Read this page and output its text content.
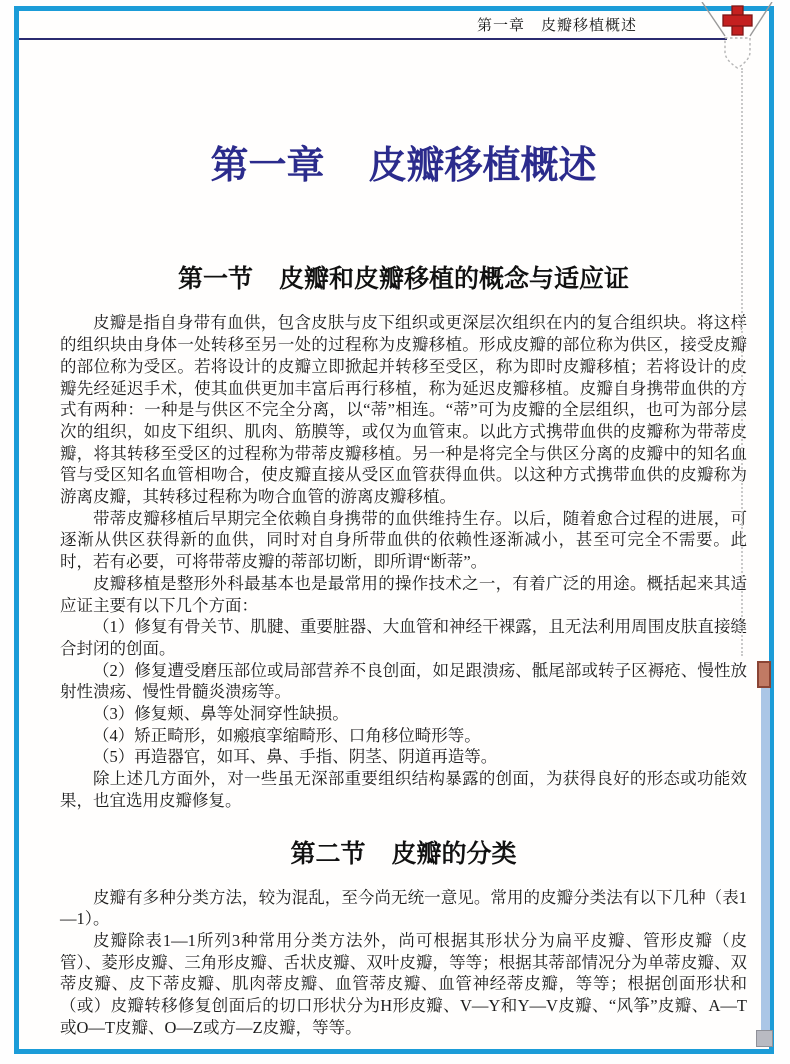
第一章　皮瓣移植概述
第一章 皮瓣移植概述
第一节 皮瓣和皮瓣移植的概念与适应证

皮瓣是指自身带有血供，包含皮肤与皮下组织或更深层次组织在内的复合组织块。将这样的组织块由身体一处转移至另一处的过程称为皮瓣移植。形成皮瓣的部位称为供区，接受皮瓣的部位称为受区。若将设计的皮瓣立即掀起并转移至受区，称为即时皮瓣移植；若将设计的皮瓣先经延迟手术，使其血供更加丰富后再行移植，称为延迟皮瓣移植。皮瓣自身携带血供的方式有两种：一种是与供区不完全分离，以“蒂”相连。“蒂”可为皮瓣的全层组织，也可为部分层次的组织，如皮下组织、肌肉、筋膜等，或仅为血管束。以此方式携带血供的皮瓣称为带蒂皮瓣，将其转移至受区的过程称为带蒂皮瓣移植。另一种是将完全与供区分离的皮瓣中的知名血管与受区知名血管相吻合，使皮瓣直接从受区血管获得血供。以这种方式携带血供的皮瓣称为游离皮瓣，其转移过程称为吻合血管的游离皮瓣移植。

带蒂皮瓣移植后早期完全依赖自身携带的血供维持生存。以后，随着愈合过程的进展，可逐渐从供区获得新的血供，同时对自身所带血供的依赖性逐渐减小，甚至可完全不需要。此时，若有必要，可将带蒂皮瓣的蒂部切断，即所谓“断蒂”。

皮瓣移植是整形外科最基本也是最常用的操作技术之一，有着广泛的用途。概括起来其适应证主要有以下几个方面：

（1）修复有骨关节、肌腱、重要脏器、大血管和神经干裸露，且无法利用周围皮肤直接缝合封闭的创面。

（2）修复遭受磨压部位或局部营养不良创面，如足跟溃疡、骶尾部或转子区褥疮、慢性放射性溃疡、慢性骨髓炎溃疡等。

（3）修复颊、鼻等处洞穿性缺损。

（4）矫正畸形，如瘢痕挛缩畸形、口角移位畸形等。

（5）再造器官，如耳、鼻、手指、阴茎、阴道再造等。

除上述几方面外，对一些虽无深部重要组织结构暴露的创面，为获得良好的形态或功能效果，也宜选用皮瓣修复。

第二节 皮瓣的分类

皮瓣有多种分类方法，较为混乱，至今尚无统一意见。常用的皮瓣分类法有以下几种（表1—1）。

皮瓣除表1—1所列3种常用分类方法外，尚可根据其形状分为扁平皮瓣、管形皮瓣（皮管）、菱形皮瓣、三角形皮瓣、舌状皮瓣、双叶皮瓣，等等；根据其蒂部情况分为单蒂皮瓣、双蒂皮瓣、皮下蒂皮瓣、肌肉蒂皮瓣、血管蒂皮瓣、血管神经蒂皮瓣，等等；根据创面形状和（或）皮瓣转移修复创面后的切口形状分为H形皮瓣、V—Y和Y—V皮瓣、“风筝”皮瓣、A—T或O—T皮瓣、O—Z或方—Z皮瓣，等等。
